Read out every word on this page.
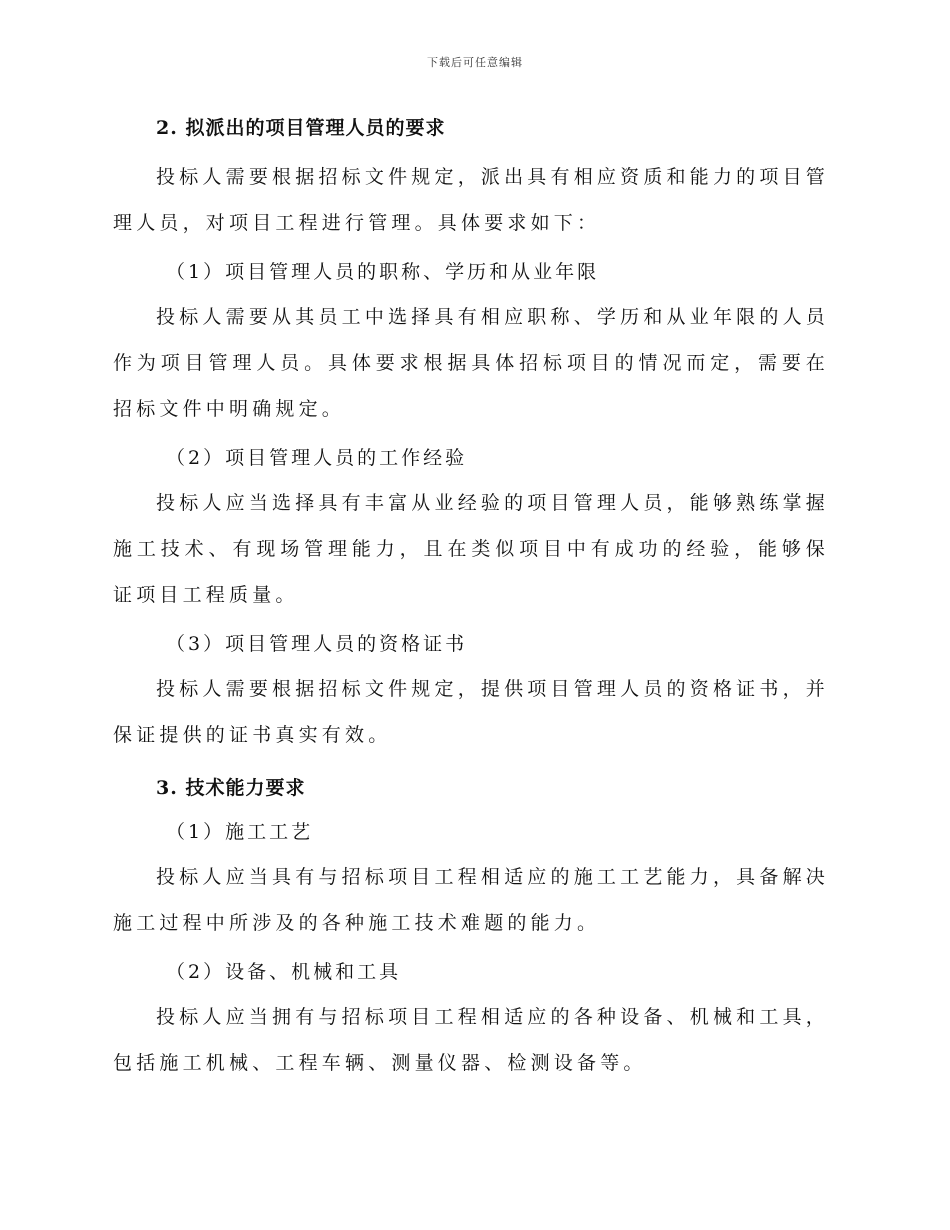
下载后可任意编辑

2. 拟派出的项目管理人员的要求

投标人需要根据招标文件规定，派出具有相应资质和能力的项目管理人员，对项目工程进行管理。具体要求如下：

（1）项目管理人员的职称、学历和从业年限

投标人需要从其员工中选择具有相应职称、学历和从业年限的人员作为项目管理人员。具体要求根据具体招标项目的情况而定，需要在招标文件中明确规定。

（2）项目管理人员的工作经验

投标人应当选择具有丰富从业经验的项目管理人员，能够熟练掌握施工技术、有现场管理能力，且在类似项目中有成功的经验，能够保证项目工程质量。

（3）项目管理人员的资格证书

投标人需要根据招标文件规定，提供项目管理人员的资格证书，并保证提供的证书真实有效。

3. 技术能力要求

（1）施工工艺

投标人应当具有与招标项目工程相适应的施工工艺能力，具备解决施工过程中所涉及的各种施工技术难题的能力。

（2）设备、机械和工具

投标人应当拥有与招标项目工程相适应的各种设备、机械和工具，包括施工机械、工程车辆、测量仪器、检测设备等。
